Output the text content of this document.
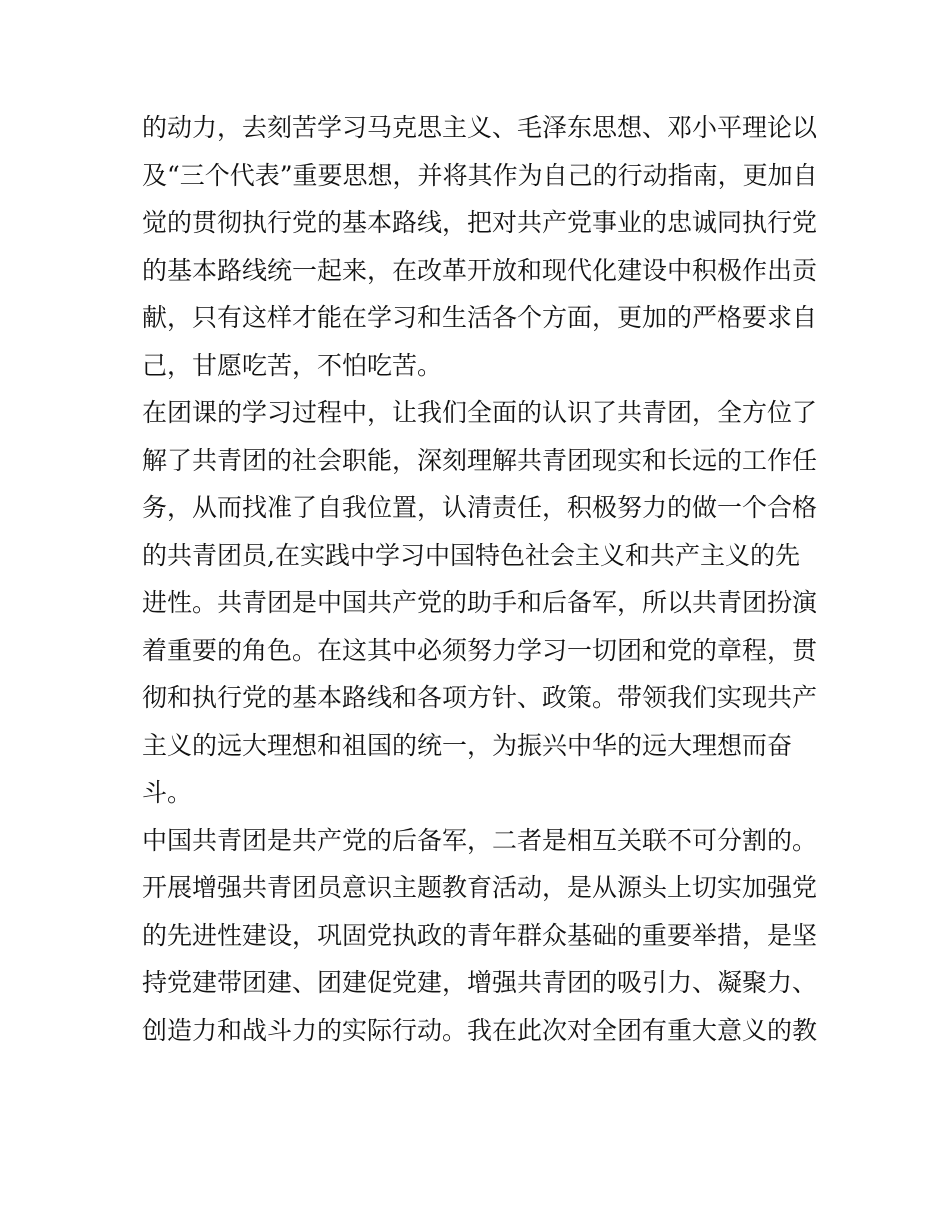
的动力，去刻苦学习马克思主义、毛泽东思想、邓小平理论以
及“三个代表”重要思想，并将其作为自己的行动指南，更加自
觉的贯彻执行党的基本路线，把对共产党事业的忠诚同执行党
的基本路线统一起来，在改革开放和现代化建设中积极作出贡
献，只有这样才能在学习和生活各个方面，更加的严格要求自
己，甘愿吃苦，不怕吃苦。
在团课的学习过程中，让我们全面的认识了共青团，全方位了
解了共青团的社会职能，深刻理解共青团现实和长远的工作任
务，从而找准了自我位置，认清责任，积极努力的做一个合格
的共青团员,在实践中学习中国特色社会主义和共产主义的先
进性。共青团是中国共产党的助手和后备军，所以共青团扮演
着重要的角色。在这其中必须努力学习一切团和党的章程，贯
彻和执行党的基本路线和各项方针、政策。带领我们实现共产
主义的远大理想和祖国的统一，为振兴中华的远大理想而奋
斗。
中国共青团是共产党的后备军，二者是相互关联不可分割的。
开展增强共青团员意识主题教育活动，是从源头上切实加强党
的先进性建设，巩固党执政的青年群众基础的重要举措，是坚
持党建带团建、团建促党建，增强共青团的吸引力、凝聚力、
创造力和战斗力的实际行动。我在此次对全团有重大意义的教
